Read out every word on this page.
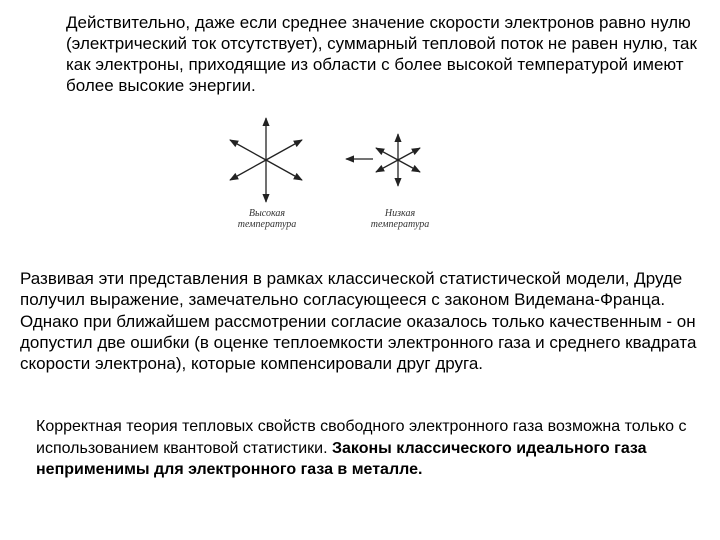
Действительно, даже если среднее значение скорости электронов равно нулю (электрический ток отсутствует), суммарный тепловой поток не равен нулю, так как электроны, приходящие из области с более высокой температурой имеют более высокие энергии.

Высокая
температура
Низкая
температура

Развивая эти представления в рамках классической статистической модели, Друде получил выражение, замечательно согласующееся с законом Видемана-Франца. Однако при ближайшем рассмотрении согласие оказалось только качественным - он допустил две ошибки (в оценке теплоемкости электронного газа и среднего квадрата скорости электрона), которые компенсировали друг друга.

Корректная теория тепловых свойств свободного электронного газа возможна только с использованием квантовой статистики. Законы классического идеального газа неприменимы для электронного газа в металле.
